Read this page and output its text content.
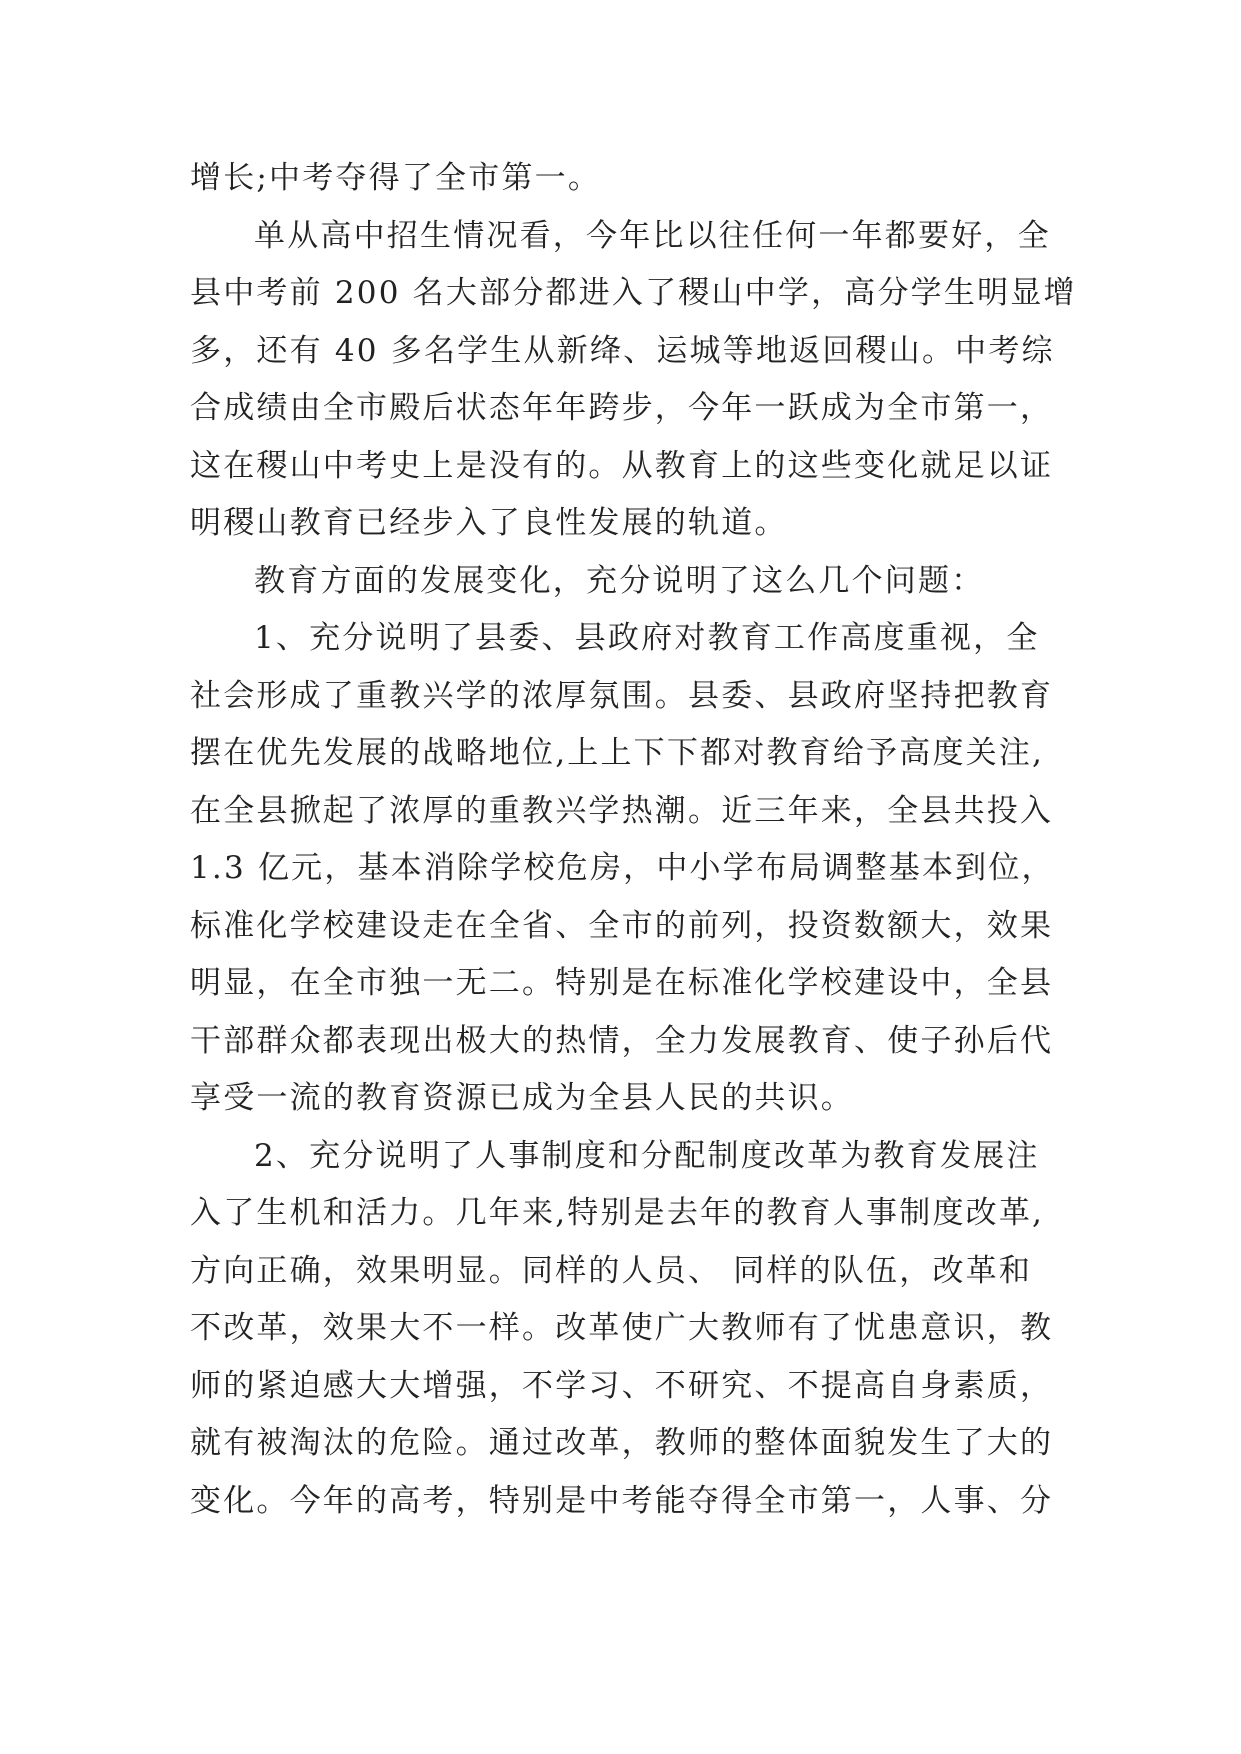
增长;中考夺得了全市第一。
单从高中招生情况看，今年比以往任何一年都要好，全
县中考前 200 名大部分都进入了稷山中学，高分学生明显增
多，还有 40 多名学生从新绛、运城等地返回稷山。中考综
合成绩由全市殿后状态年年跨步，今年一跃成为全市第一，
这在稷山中考史上是没有的。从教育上的这些变化就足以证
明稷山教育已经步入了良性发展的轨道。
教育方面的发展变化，充分说明了这么几个问题：
1、充分说明了县委、县政府对教育工作高度重视，全
社会形成了重教兴学的浓厚氛围。县委、县政府坚持把教育
摆在优先发展的战略地位,上上下下都对教育给予高度关注,
在全县掀起了浓厚的重教兴学热潮。近三年来，全县共投入
1.3 亿元，基本消除学校危房，中小学布局调整基本到位，
标准化学校建设走在全省、全市的前列，投资数额大，效果
明显，在全市独一无二。特别是在标准化学校建设中，全县
干部群众都表现出极大的热情，全力发展教育、使子孙后代
享受一流的教育资源已成为全县人民的共识。
2、充分说明了人事制度和分配制度改革为教育发展注
入了生机和活力。几年来,特别是去年的教育人事制度改革,
方向正确，效果明显。同样的人员、 同样的队伍，改革和
不改革，效果大不一样。改革使广大教师有了忧患意识，教
师的紧迫感大大增强，不学习、不研究、不提高自身素质，
就有被淘汰的危险。通过改革，教师的整体面貌发生了大的
变化。今年的高考，特别是中考能夺得全市第一，人事、分
